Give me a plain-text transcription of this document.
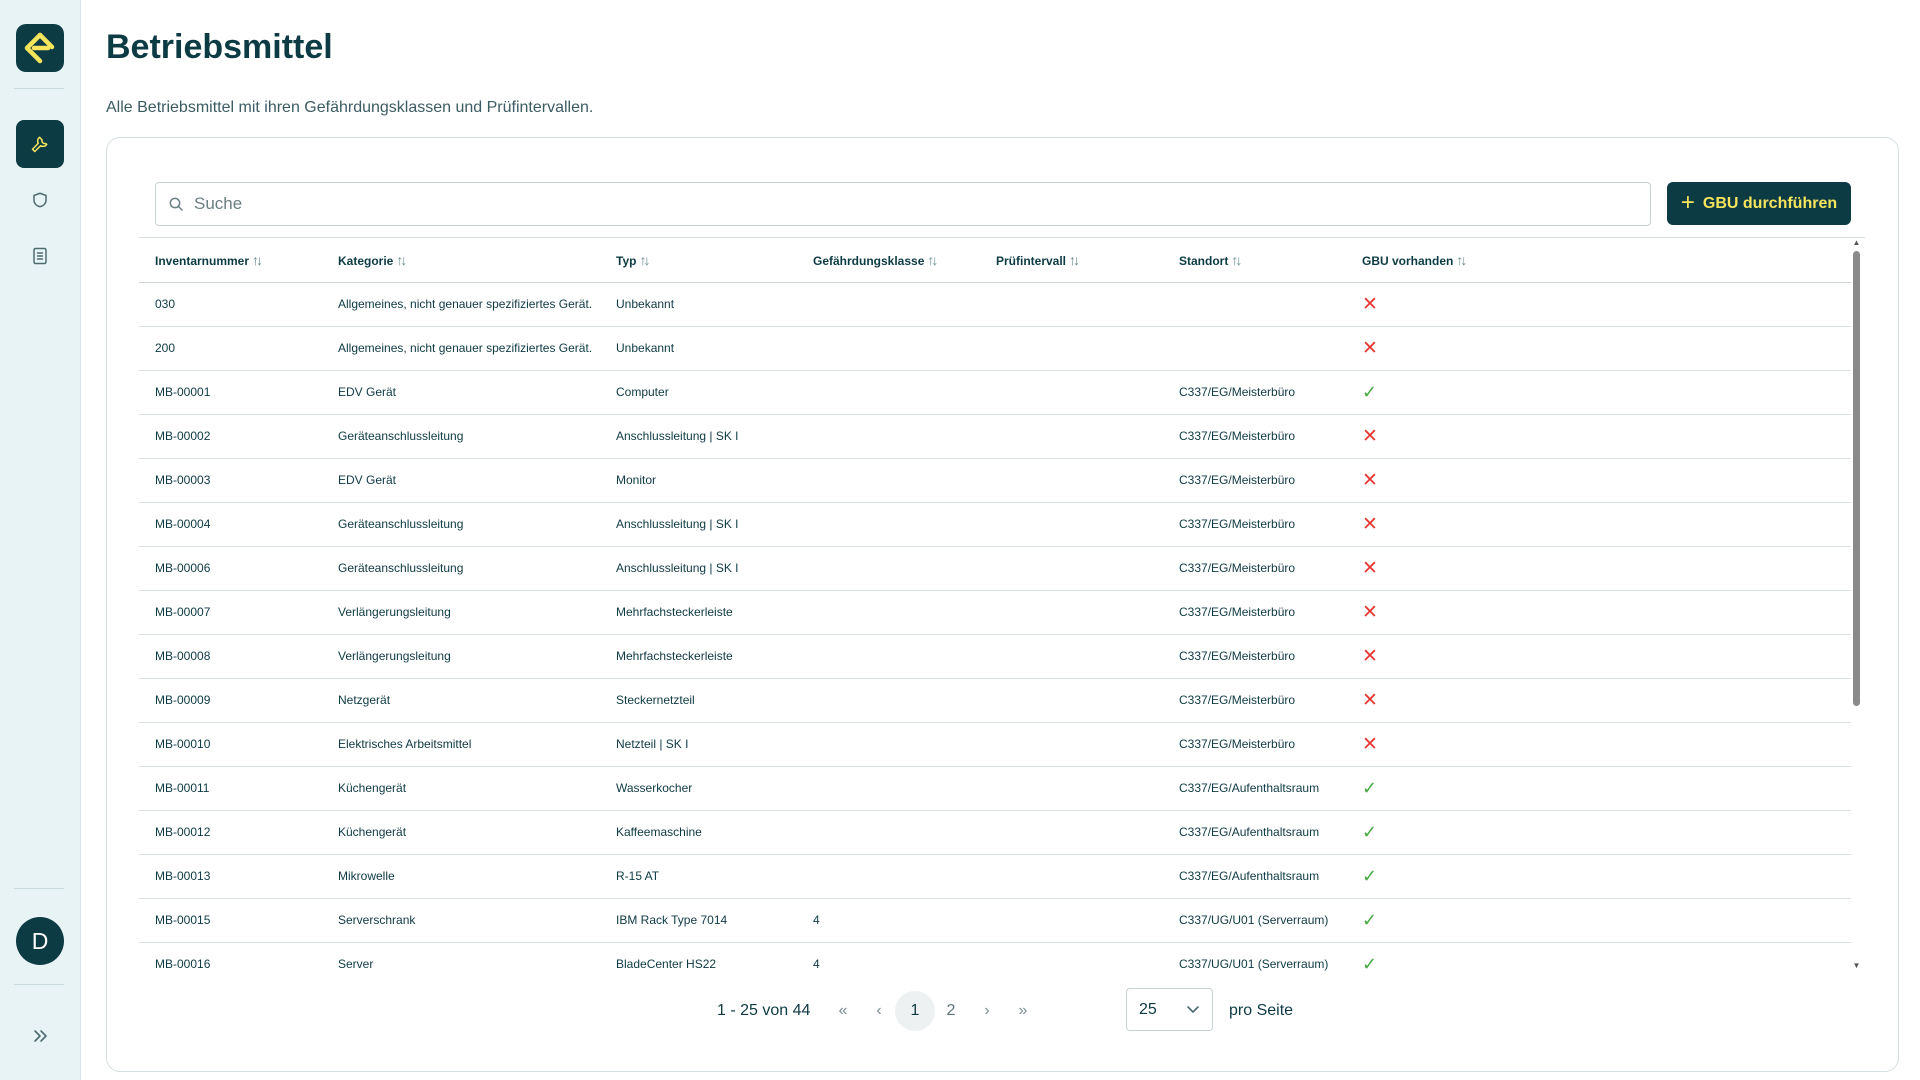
D
Betriebsmittel

Alle Betriebsmittel mit ihren Gefährdungsklassen und Prüfintervallen.

Suche
+ GBU durchführen
Inventarnummer ↑↓	Kategorie ↑↓	Typ ↑↓	Gefährdungsklasse ↑↓	Prüfintervall ↑↓	Standort ↑↓	GBU vorhanden ↑↓
030	Allgemeines, nicht genauer spezifiziertes Gerät.	Unbekannt				✕
200	Allgemeines, nicht genauer spezifiziertes Gerät.	Unbekannt				✕
MB-00001	EDV Gerät	Computer			C337/EG/Meisterbüro	✓
MB-00002	Geräteanschlussleitung	Anschlussleitung | SK I			C337/EG/Meisterbüro	✕
MB-00003	EDV Gerät	Monitor			C337/EG/Meisterbüro	✕
MB-00004	Geräteanschlussleitung	Anschlussleitung | SK I			C337/EG/Meisterbüro	✕
MB-00006	Geräteanschlussleitung	Anschlussleitung | SK I			C337/EG/Meisterbüro	✕
MB-00007	Verlängerungsleitung	Mehrfachsteckerleiste			C337/EG/Meisterbüro	✕
MB-00008	Verlängerungsleitung	Mehrfachsteckerleiste			C337/EG/Meisterbüro	✕
MB-00009	Netzgerät	Steckernetzteil			C337/EG/Meisterbüro	✕
MB-00010	Elektrisches Arbeitsmittel	Netzteil | SK I			C337/EG/Meisterbüro	✕
MB-00011	Küchengerät	Wasserkocher			C337/EG/Aufenthaltsraum	✓
MB-00012	Küchengerät	Kaffeemaschine			C337/EG/Aufenthaltsraum	✓
MB-00013	Mikrowelle	R-15 AT			C337/EG/Aufenthaltsraum	✓
MB-00015	Serverschrank	IBM Rack Type 7014	4		C337/UG/U01 (Serverraum)	✓
MB-00016	Server	BladeCenter HS22	4		C337/UG/U01 (Serverraum)	✓
▲
▼
1 - 25 von 44 « ‹ 1 2 › »	25	pro Seite
